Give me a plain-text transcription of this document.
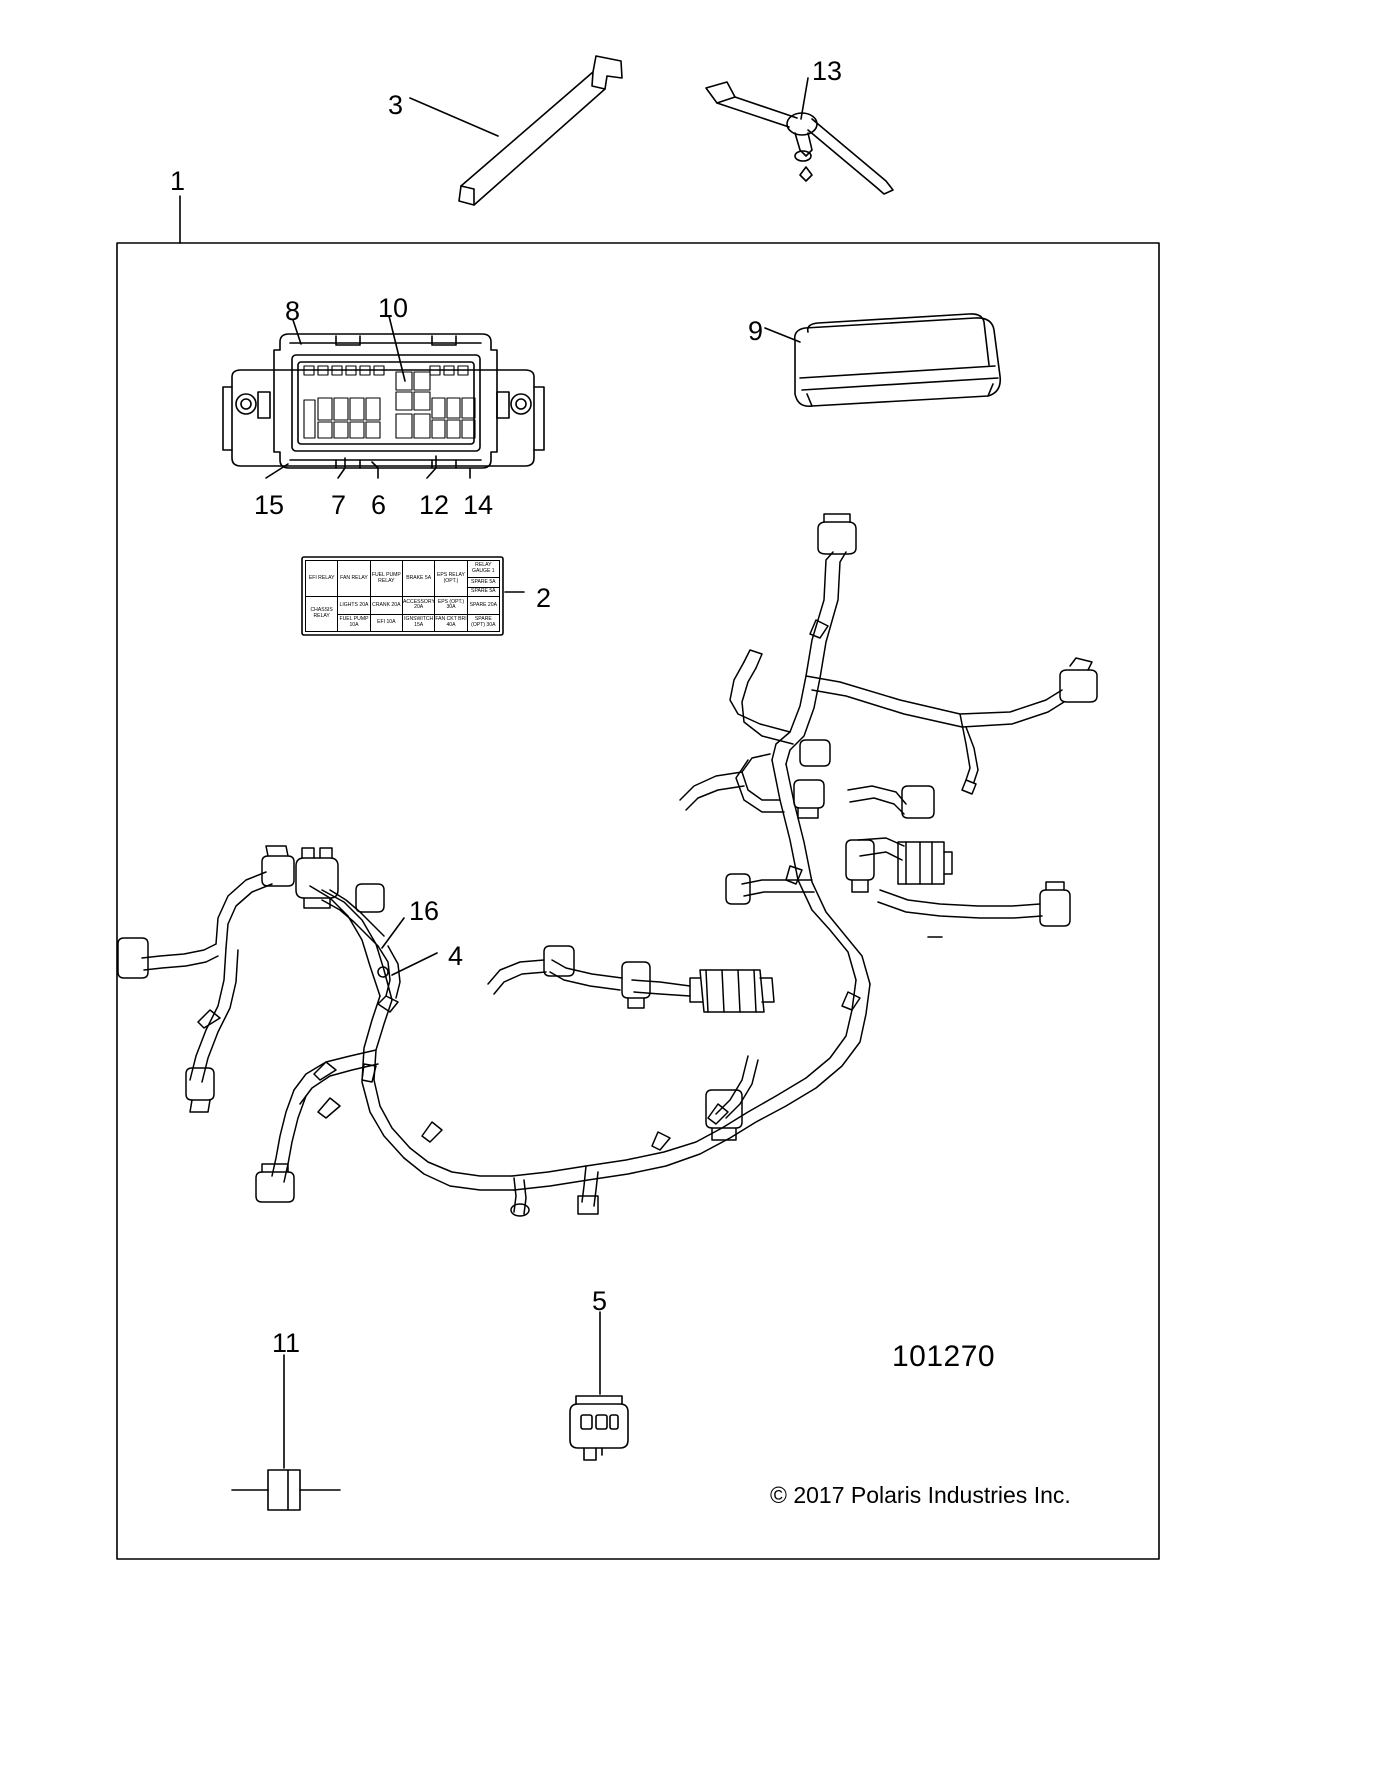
EFI RELAY	FAN RELAY	FUEL PUMP RELAY	BRAKE 5A	EPS RELAY (OPT.)	RELAY GAUGE 1
					SPARE 5A
					SPARE 5A
CHASSIS RELAY	LIGHTS 20A	CRANK 20A	ACCESSORY 20A	EPS (OPT.) 30A	SPARE 20A
	FUEL PUMP 10A	EFI 10A	IGNSWITCH 15A	FAN CKT BRI 40A	SPARE (OPT) 30A
1
3
13
8	10
9
15 7 6 12 14
2
16
4
5
11	101270
© 2017 Polaris Industries Inc.
